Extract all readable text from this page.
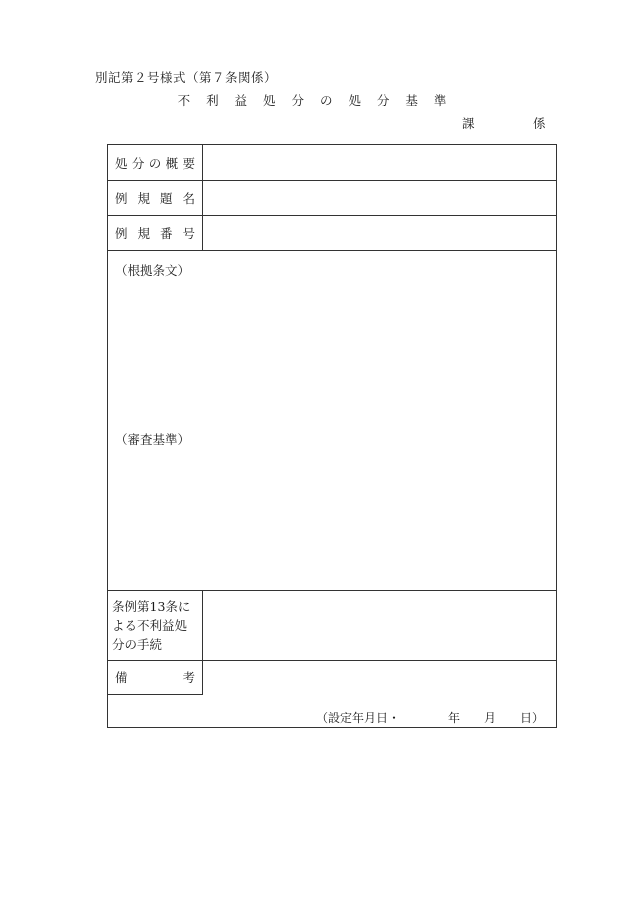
別記第２号様式（第７条関係）
不 利 益 処 分 の 処 分 基 準
課	係
処 分 の 概 要
例 規 題 名
例 規 番 号
（根拠条文）
（審査基準）
条例第13条による不利益処分の手続
備	考
（設定年月日・　　　　年　　月　　日）
